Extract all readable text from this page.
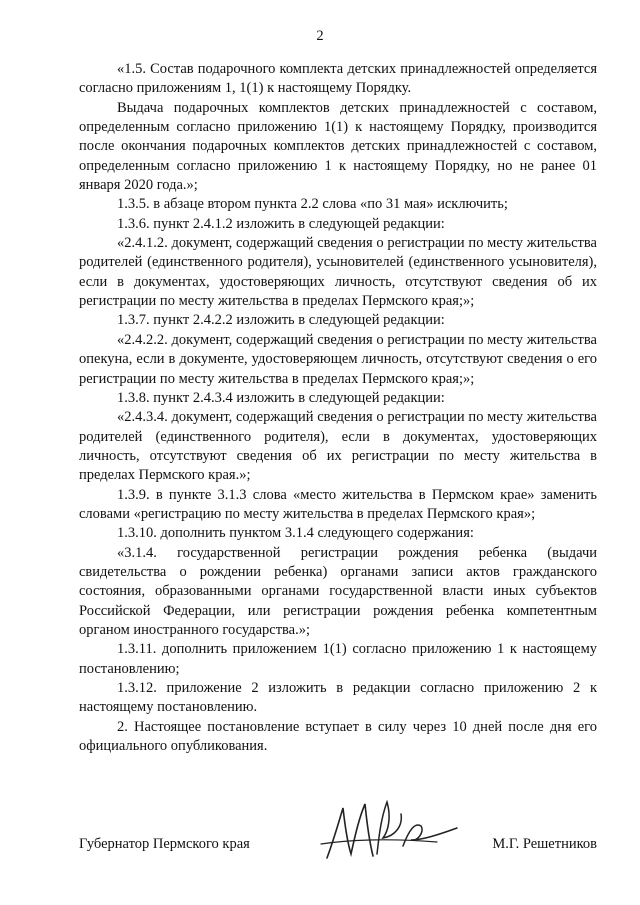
2

«1.5. Состав подарочного комплекта детских принадлежностей определяется согласно приложениям 1, 1(1) к настоящему Порядку.

Выдача подарочных комплектов детских принадлежностей с составом, определенным согласно приложению 1(1) к настоящему Порядку, производится после окончания подарочных комплектов детских принадлежностей с составом, определенным согласно приложению 1 к настоящему Порядку, но не ранее 01 января 2020 года.»;

1.3.5. в абзаце втором пункта 2.2 слова «по 31 мая» исключить;

1.3.6. пункт 2.4.1.2 изложить в следующей редакции:

«2.4.1.2. документ, содержащий сведения о регистрации по месту жительства родителей (единственного родителя), усыновителей (единственного усыновителя), если в документах, удостоверяющих личность, отсутствуют сведения об их регистрации по месту жительства в пределах Пермского края;»;

1.3.7. пункт 2.4.2.2 изложить в следующей редакции:

«2.4.2.2. документ, содержащий сведения о регистрации по месту жительства опекуна, если в документе, удостоверяющем личность, отсутствуют сведения о его регистрации по месту жительства в пределах Пермского края;»;

1.3.8. пункт 2.4.3.4 изложить в следующей редакции:

«2.4.3.4. документ, содержащий сведения о регистрации по месту жительства родителей (единственного родителя), если в документах, удостоверяющих личность, отсутствуют сведения об их регистрации по месту жительства в пределах Пермского края.»;

1.3.9. в пункте 3.1.3 слова «место жительства в Пермском крае» заменить словами «регистрацию по месту жительства в пределах Пермского края»;

1.3.10. дополнить пунктом 3.1.4 следующего содержания:

«3.1.4. государственной регистрации рождения ребенка (выдачи свидетельства о рождении ребенка) органами записи актов гражданского состояния, образованными органами государственной власти иных субъектов Российской Федерации, или регистрации рождения ребенка компетентным органом иностранного государства.»;

1.3.11. дополнить приложением 1(1) согласно приложению 1 к настоящему постановлению;

1.3.12. приложение 2 изложить в редакции согласно приложению 2 к настоящему постановлению.

2. Настоящее постановление вступает в силу через 10 дней после дня его официального опубликования.

Губернатор Пермского края	М.Г. Решетников
